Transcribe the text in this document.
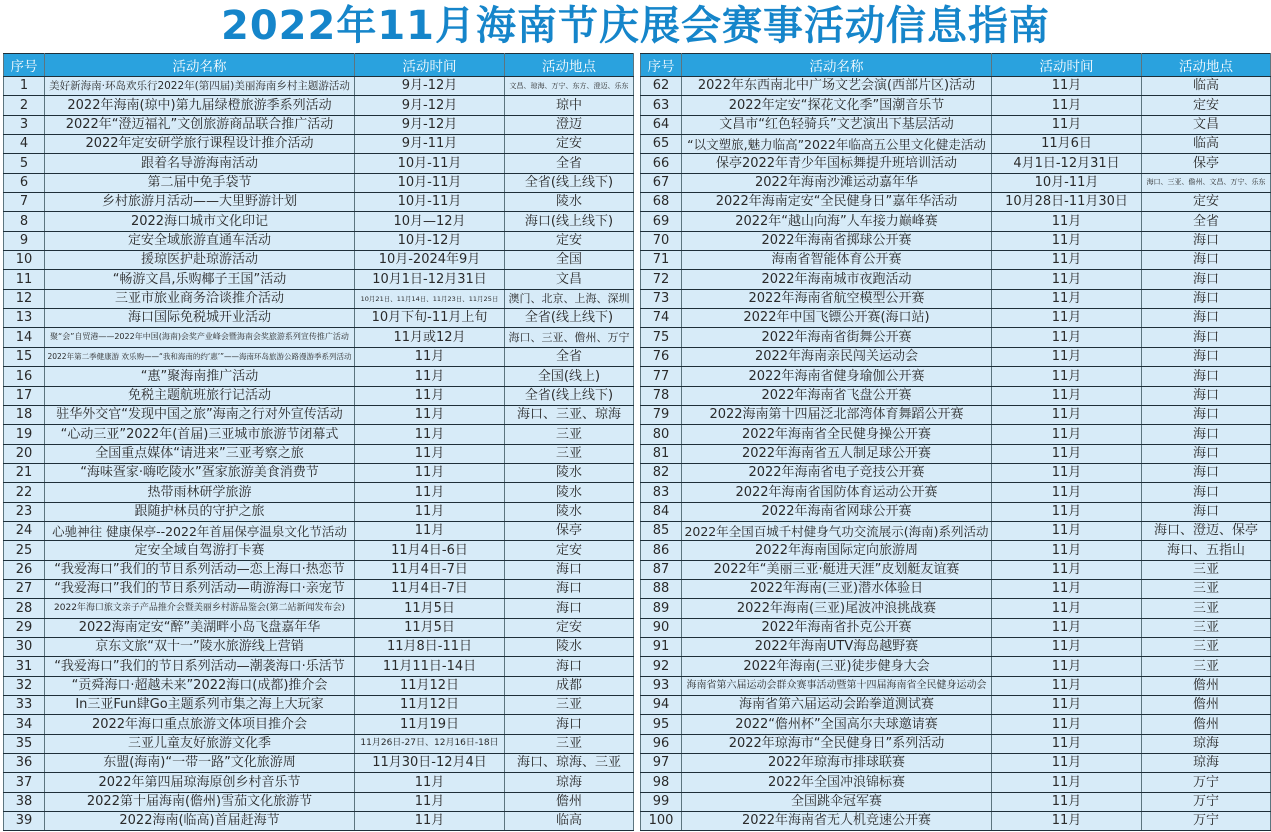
2022年11月海南节庆展会赛事活动信息指南
序号	活动名称	活动时间	活动地点
1	美好新海南·环岛欢乐行2022年(第四届)美丽海南乡村主题游活动	9月-12月	文昌、琼海、万宁、东方、澄迈、乐东
2	2022年海南(琼中)第九届绿橙旅游季系列活动	9月-12月	琼中
3	2022年“澄迈福礼”文创旅游商品联合推广活动	9月-12月	澄迈
4	2022年定安研学旅行课程设计推介活动	9月-11月	定安
5	跟着名导游海南活动	10月-11月	全省
6	第二届中免手袋节	10月-11月	全省(线上线下)
7	乡村旅游月活动——大里野游计划	10月-11月	陵水
8	2022海口城市文化印记	10月—12月	海口(线上线下)
9	定安全域旅游直通车活动	10月-12月	定安
10	援琼医护赴琼游活动	10月-2024年9月	全国
11	“畅游文昌,乐购椰子王国”活动	10月1日-12月31日	文昌
12	三亚市旅业商务洽谈推介活动	10月21日、11月14日、11月23日、11月25日	澳门、北京、上海、深圳
13	海口国际免税城开业活动	10月下旬-11月上旬	全省(线上线下)
14	聚“会”自贸港——2022年中国(海南)会奖产业峰会暨海南会奖旅游系列宣传推广活动	11月或12月	海口、三亚、儋州、万宁
15	2022年第二季健康游 欢乐购——“我和海南的约‘惠’”——海南环岛旅游公路漫游季系列活动	11月	全省
16	“惠”聚海南推广活动	11月	全国(线上)
17	免税主题航班旅行记活动	11月	全省(线上线下)
18	驻华外交官“发现中国之旅”海南之行对外宣传活动	11月	海口、三亚、琼海
19	“心动三亚”2022年(首届)三亚城市旅游节闭幕式	11月	三亚
20	全国重点媒体“请进来”三亚考察之旅	11月	三亚
21	“海味疍家·嗨吃陵水”疍家旅游美食消费节	11月	陵水
22	热带雨林研学旅游	11月	陵水
23	跟随护林员的守护之旅	11月	陵水
24	心驰神往 健康保亭--2022年首届保亭温泉文化节活动	11月	保亭
25	定安全域自驾游打卡赛	11月4日-6日	定安
26	“我爱海口”我们的节日系列活动—恋上海口·热恋节	11月4日-7日	海口
27	“我爱海口”我们的节日系列活动—萌游海口·亲宠节	11月4日-7日	海口
28	2022年海口旅文亲子产品推介会暨美丽乡村游品鉴会(第二站新闻发布会)	11月5日	海口
29	2022海南定安“醉”美湖畔小岛飞盘嘉年华	11月5日	定安
30	京东文旅“双十一”陵水旅游线上营销	11月8日-11日	陵水
31	“我爱海口”我们的节日系列活动—潮袭海口·乐活节	11月11日-14日	海口
32	“贡舜海口·超越未来”2022海口(成都)推介会	11月12日	成都
33	In三亚Fun肆Go主题系列市集之海上大玩家	11月12日	三亚
34	2022年海口重点旅游文体项目推介会	11月19日	海口
35	三亚儿童友好旅游文化季	11月26日-27日、12月16日-18日	三亚
36	东盟(海南)“一带一路”文化旅游周	11月30日-12月4日	海口、琼海、三亚
37	2022年第四届琼海原创乡村音乐节	11月	琼海
38	2022第十届海南(儋州)雪茄文化旅游节	11月	儋州
39	2022海南(临高)首届赶海节	11月	临高
序号	活动名称	活动时间	活动地点
62	2022年东西南北中广场文艺会演(西部片区)活动	11月	临高
63	2022年定安“探花文化季”国潮音乐节	11月	定安
64	文昌市“红色轻骑兵”文艺演出下基层活动	11月	文昌
65	“以文塑旅,魅力临高”2022年临高五公里文化健走活动	11月6日	临高
66	保亭2022年青少年国标舞提升班培训活动	4月1日-12月31日	保亭
67	2022年海南沙滩运动嘉年华	10月-11月	海口、三亚、儋州、文昌、万宁、乐东
68	2022年海南定安“全民健身日”嘉年华活动	10月28日-11月30日	定安
69	2022年“越山向海”人车接力巅峰赛	11月	全省
70	2022年海南省掷球公开赛	11月	海口
71	海南省智能体育公开赛	11月	海口
72	2022年海南城市夜跑活动	11月	海口
73	2022年海南省航空模型公开赛	11月	海口
74	2022年中国飞镖公开赛(海口站)	11月	海口
75	2022年海南省街舞公开赛	11月	海口
76	2022年海南亲民闯关运动会	11月	海口
77	2022年海南省健身瑜伽公开赛	11月	海口
78	2022年海南省飞盘公开赛	11月	海口
79	2022海南第十四届泛北部湾体育舞蹈公开赛	11月	海口
80	2022年海南省全民健身操公开赛	11月	海口
81	2022年海南省五人制足球公开赛	11月	海口
82	2022年海南省电子竞技公开赛	11月	海口
83	2022年海南省国防体育运动公开赛	11月	海口
84	2022年海南省网球公开赛	11月	海口
85	2022年全国百城千村健身气功交流展示(海南)系列活动	11月	海口、澄迈、保亭
86	2022年海南国际定向旅游周	11月	海口、五指山
87	2022年“美丽三亚·艇进天涯”皮划艇友谊赛	11月	三亚
88	2022年海南(三亚)潜水体验日	11月	三亚
89	2022年海南(三亚)尾波冲浪挑战赛	11月	三亚
90	2022年海南省扑克公开赛	11月	三亚
91	2022年海南UTV海岛越野赛	11月	三亚
92	2022年海南(三亚)徒步健身大会	11月	三亚
93	海南省第六届运动会群众赛事活动暨第十四届海南省全民健身运动会	11月	儋州
94	海南省第六届运动会跆拳道测试赛	11月	儋州
95	2022“儋州杯”全国高尔夫球邀请赛	11月	儋州
96	2022年琼海市“全民健身日”系列活动	11月	琼海
97	2022年琼海市排球联赛	11月	琼海
98	2022年全国冲浪锦标赛	11月	万宁
99	全国跳伞冠军赛	11月	万宁
100	2022年海南省无人机竞速公开赛	11月	万宁
